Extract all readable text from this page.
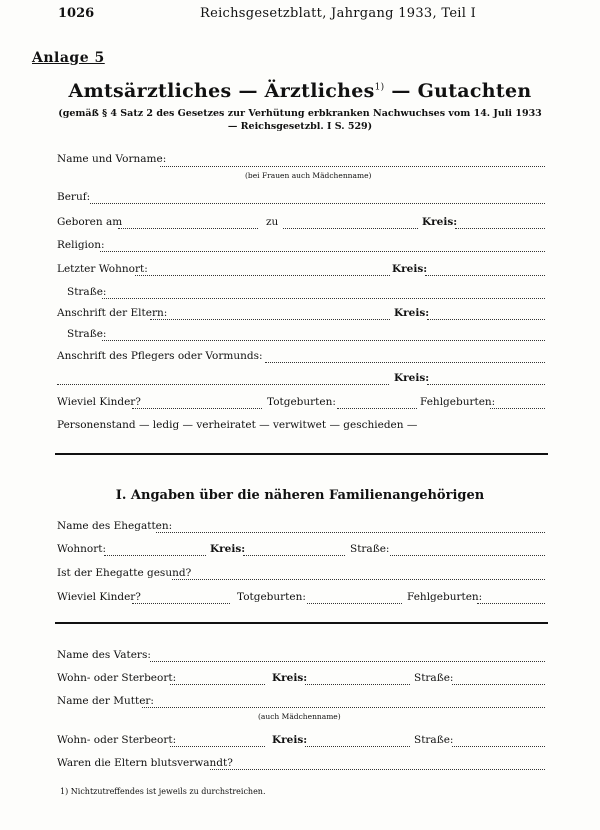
1026	Reichsgesetzblatt, Jahrgang 1933, Teil I
Anlage 5
Amtsärztliches — Ärztliches$^{1)}$ — Gutachten
(gemäß § 4 Satz 2 des Gesetzes zur Verhütung erbkranken Nachwuchses vom 14. Juli 1933
— Reichsgesetzbl. I S. 529)
Name und Vorname:
(bei Frauen auch Mädchenname)
Beruf:
Geboren am	zu	Kreis:
Religion:
Letzter Wohnort:	Kreis:
Straße:
Anschrift der Eltern:	Kreis:
Straße:
Anschrift des Pflegers oder Vormunds:
Kreis:
Wieviel Kinder?	Totgeburten:	Fehlgeburten:
Personenstand — ledig — verheiratet — verwitwet — geschieden —
I. Angaben über die näheren Familienangehörigen
Name des Ehegatten:
Wohnort:	Kreis:	Straße:
Ist der Ehegatte gesund?
Wieviel Kinder?	Totgeburten:	Fehlgeburten:
Name des Vaters:
Wohn- oder Sterbeort:	Kreis:	Straße:
Name der Mutter:
(auch Mädchenname)
Wohn- oder Sterbeort:	Kreis:	Straße:
Waren die Eltern blutsverwandt?
1) Nichtzutreffendes ist jeweils zu durchstreichen.
